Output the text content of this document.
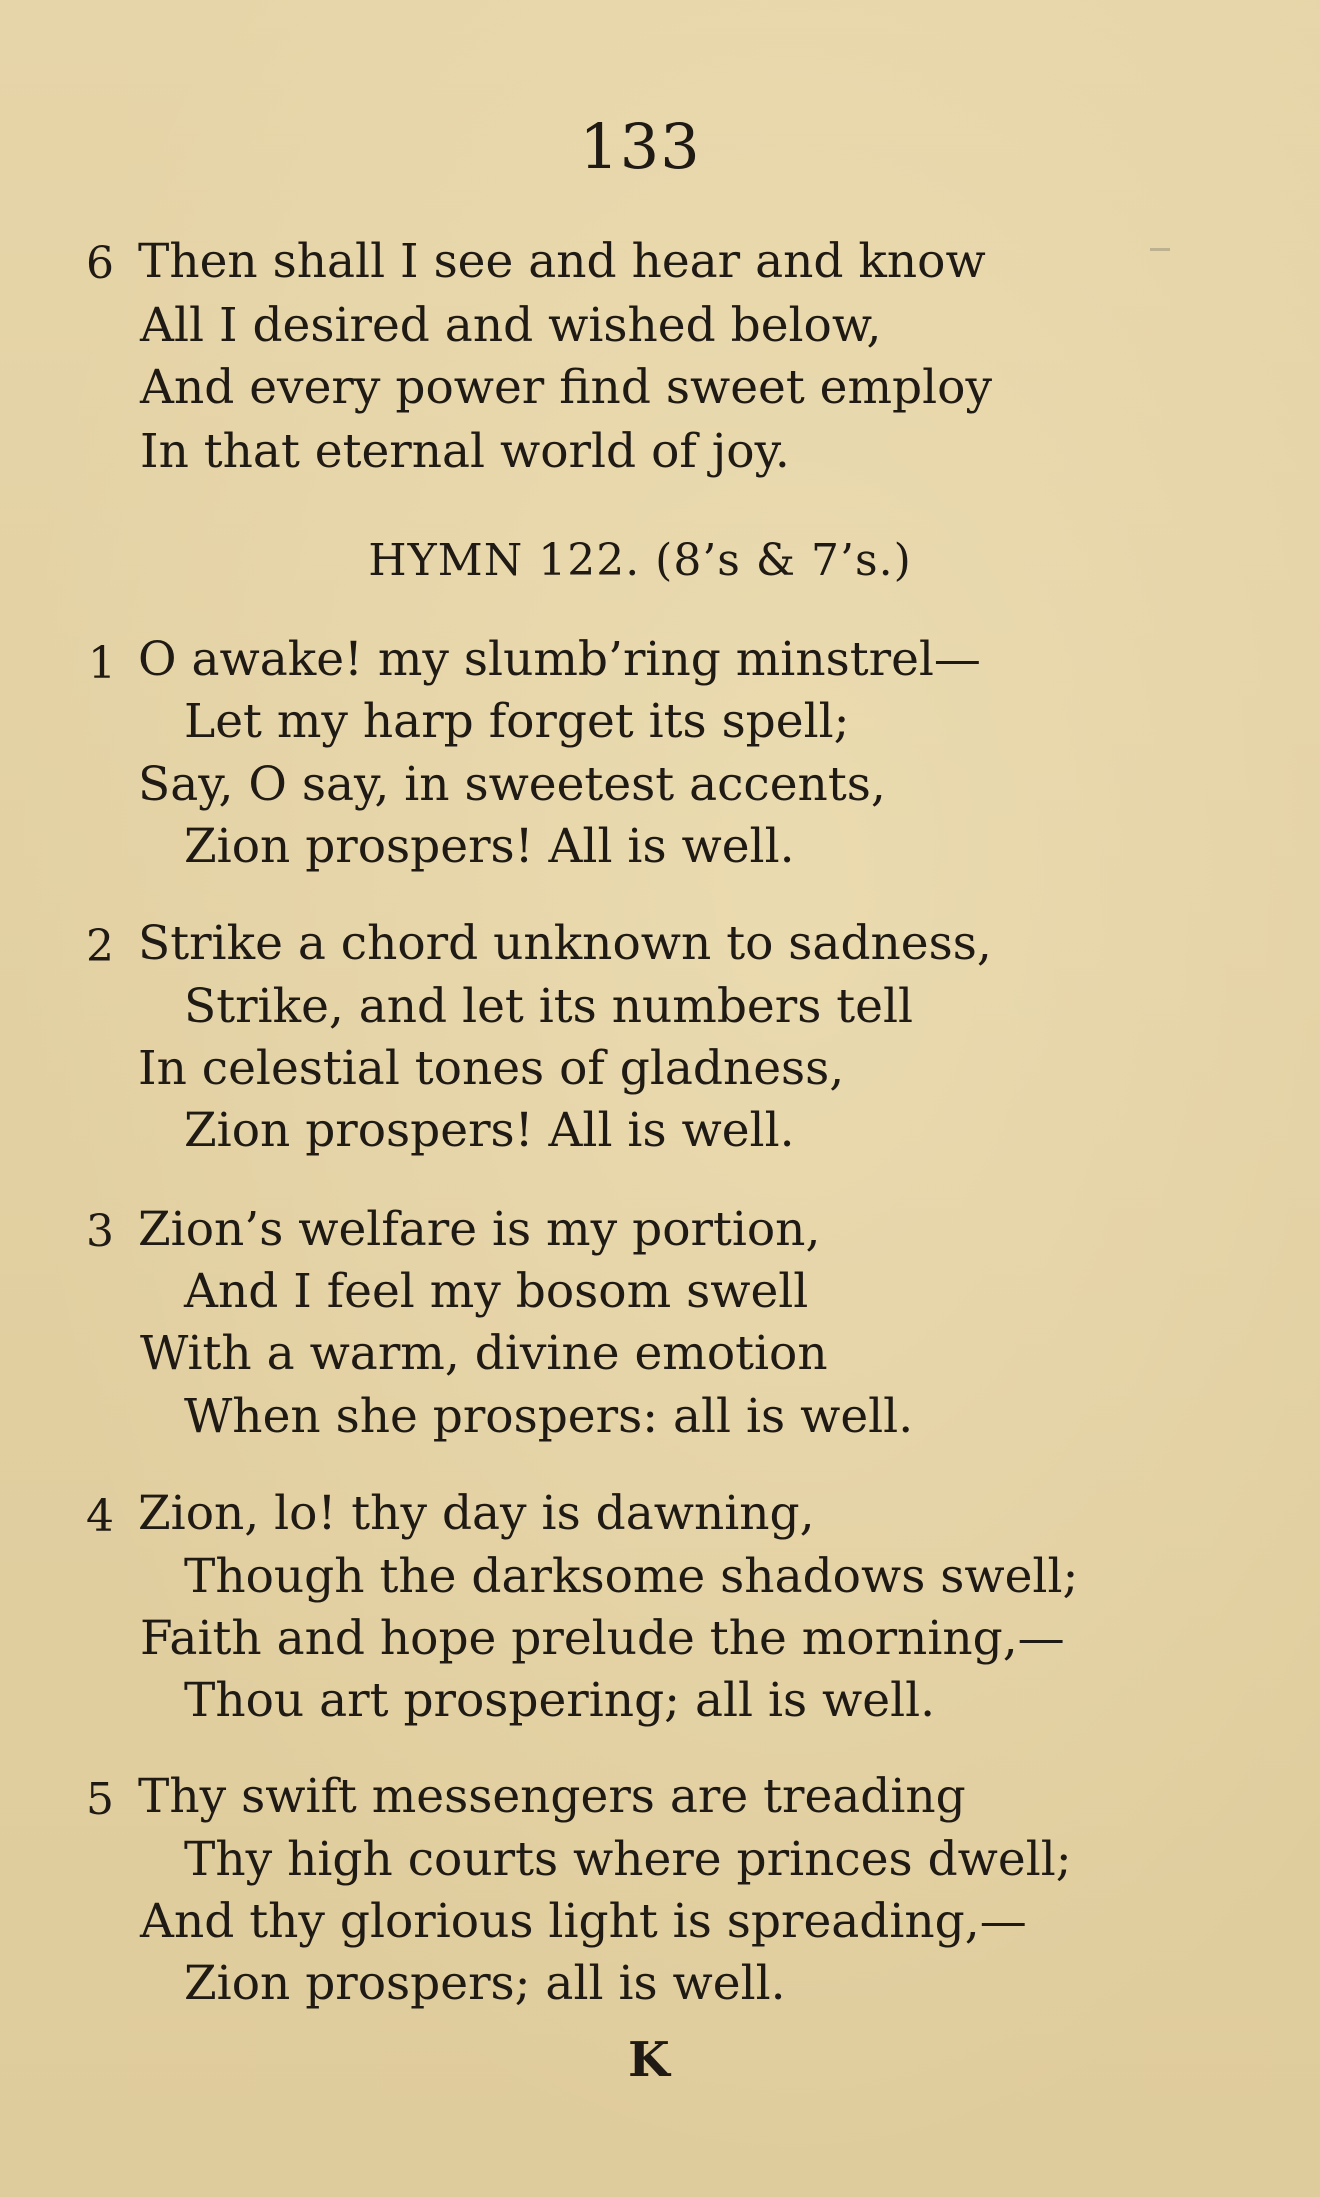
133
6 Then shall I see and hear and know
All I desired and wished below,
And every power find sweet employ
In that eternal world of joy.
HYMN 122. (8’s & 7’s.)
1 O awake! my slumb’ring minstrel—
Let my harp forget its spell;
Say, O say, in sweetest accents,
Zion prospers! All is well.
2 Strike a chord unknown to sadness,
Strike, and let its numbers tell
In celestial tones of gladness,
Zion prospers! All is well.
3 Zion’s welfare is my portion,
And I feel my bosom swell
With a warm, divine emotion
When she prospers: all is well.
4 Zion, lo! thy day is dawning,
Though the darksome shadows swell;
Faith and hope prelude the morning,—
Thou art prospering; all is well.
5 Thy swift messengers are treading
Thy high courts where princes dwell;
And thy glorious light is spreading,—
Zion prospers; all is well.
K
